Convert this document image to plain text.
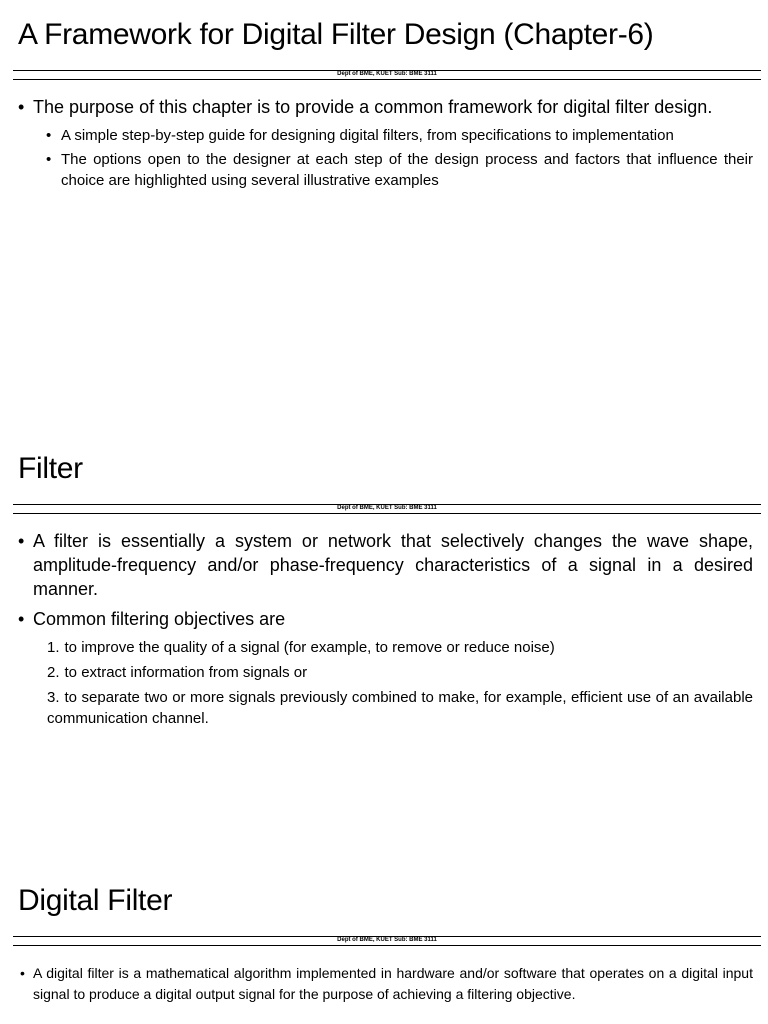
A Framework for Digital Filter Design (Chapter-6)
Dept of BME, KUET Sub: BME 3111

• The purpose of this chapter is to provide a common framework for digital filter design.

• A simple step-by-step guide for designing digital filters, from specifications to implementation

• The options open to the designer at each step of the design process and factors that influence their choice are highlighted using several illustrative examples

Filter
Dept of BME, KUET Sub: BME 3111

• A filter is essentially a system or network that selectively changes the wave shape, amplitude-frequency and/or phase-frequency characteristics of a signal in a desired manner.

• Common filtering objectives are

1. to improve the quality of a signal (for example, to remove or reduce noise)

2. to extract information from signals or

3. to separate two or more signals previously combined to make, for example, efficient use of an available communication channel.

Digital Filter
Dept of BME, KUET Sub: BME 3111

• A digital filter is a mathematical algorithm implemented in hardware and/or software that operates on a digital input signal to produce a digital output signal for the purpose of achieving a filtering objective.
